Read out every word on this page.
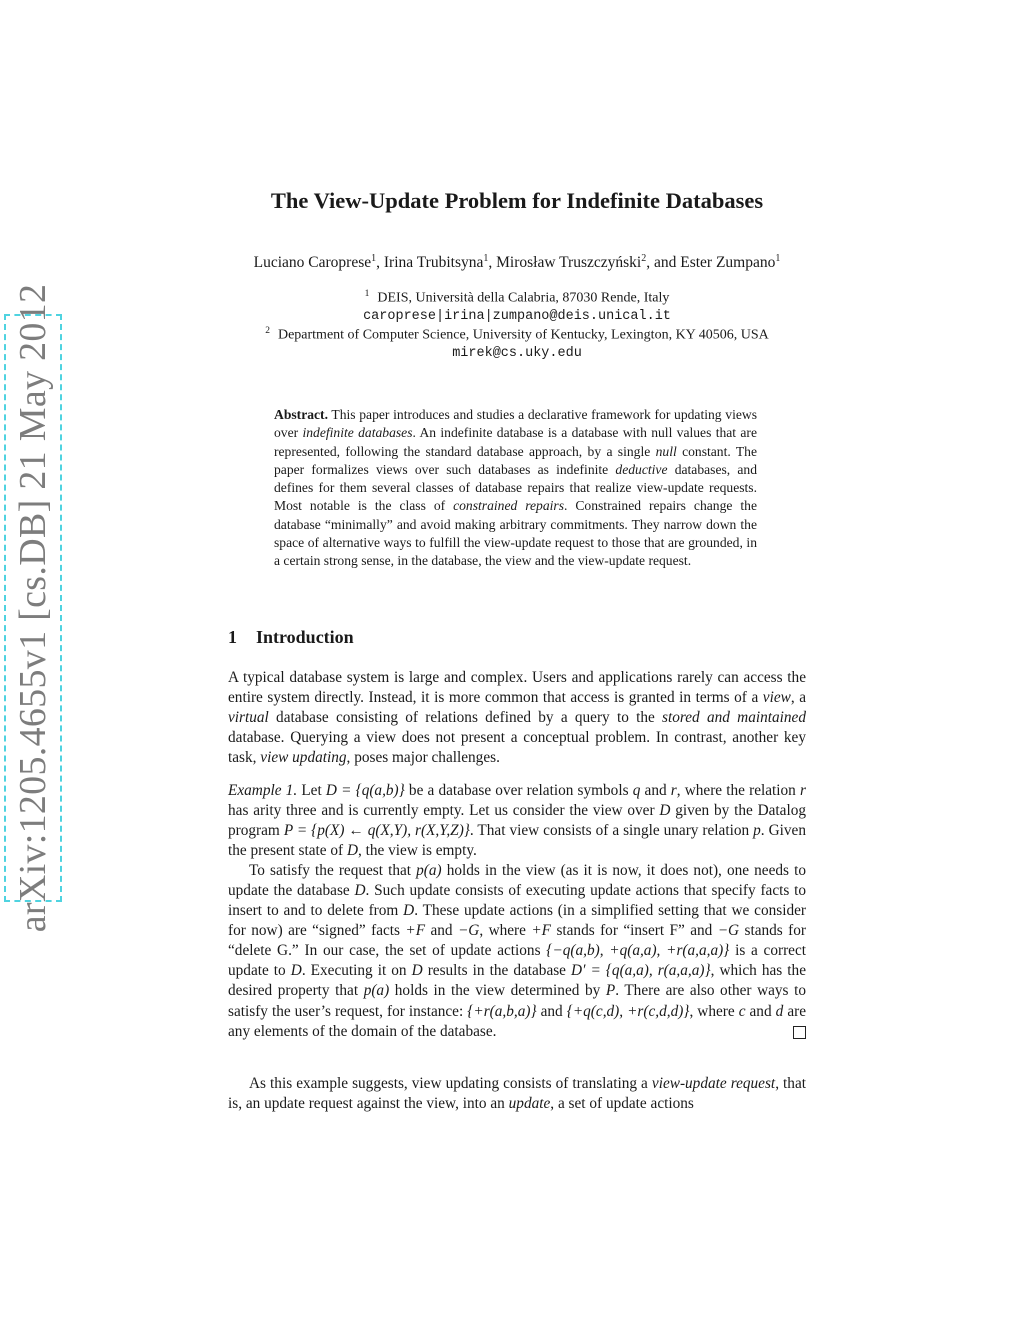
arXiv:1205.4655v1 [cs.DB] 21 May 2012
The View-Update Problem for Indefinite Databases
Luciano Caroprese$^1$, Irina Trubitsyna$^1$, Mirosław Truszczyński$^2$, and Ester Zumpano$^1$
$^1$ DEIS, Università della Calabria, 87030 Rende, Italy
caroprese|irina|zumpano@deis.unical.it
$^2$ Department of Computer Science, University of Kentucky, Lexington, KY 40506, USA
mirek@cs.uky.edu
Abstract. This paper introduces and studies a declarative framework for updating views over indefinite databases. An indefinite database is a database with null values that are represented, following the standard database approach, by a single null constant. The paper formalizes views over such databases as indefinite deductive databases, and defines for them several classes of database repairs that realize view-update requests. Most notable is the class of constrained repairs. Constrained repairs change the database “minimally” and avoid making arbitrary commitments. They narrow down the space of alternative ways to fulfill the view-update request to those that are grounded, in a certain strong sense, in the database, the view and the view-update request.
1 Introduction

A typical database system is large and complex. Users and applications rarely can access the entire system directly. Instead, it is more common that access is granted in terms of a view, a virtual database consisting of relations defined by a query to the stored and maintained database. Querying a view does not present a conceptual problem. In contrast, another key task, view updating, poses major challenges.

Example 1. Let D = {q(a,b)} be a database over relation symbols q and r, where the relation r has arity three and is currently empty. Let us consider the view over D given by the Datalog program P = {p(X) ← q(X,Y), r(X,Y,Z)}. That view consists of a single unary relation p. Given the present state of D, the view is empty.

To satisfy the request that p(a) holds in the view (as it is now, it does not), one needs to update the database D. Such update consists of executing update actions that specify facts to insert to and to delete from D. These update actions (in a simplified setting that we consider for now) are “signed” facts +F and −G, where +F stands for “insert F” and −G stands for “delete G.” In our case, the set of update actions {−q(a,b), +q(a,a), +r(a,a,a)} is a correct update to D. Executing it on D results in the database D′ = {q(a,a), r(a,a,a)}, which has the desired property that p(a) holds in the view determined by P. There are also other ways to satisfy the user’s request, for instance: {+r(a,b,a)} and {+q(c,d), +r(c,d,d)}, where c and d are any elements of the domain of the database.

As this example suggests, view updating consists of translating a view-update request, that is, an update request against the view, into an update, a set of update actions
